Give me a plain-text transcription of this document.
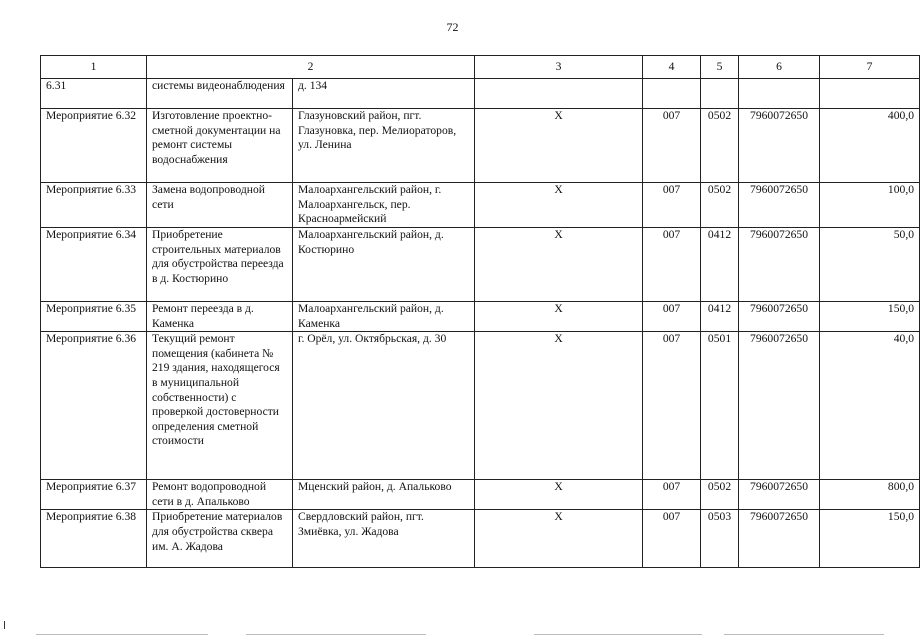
72
1	2		3	4	5	6	7
6.31	системы видеонаблюдения	д. 134					
Мероприятие 6.32	Изготовление проектно-сметной документации на ремонт системы водоснабжения	Глазуновский район, пгт. Глазуновка, пер. Мелиораторов, ул. Ленина	X	007	0502	7960072650	400,0
Мероприятие 6.33	Замена водопроводной сети	Малоархангельский район, г. Малоархангельск, пер. Красноармейский	X	007	0502	7960072650	100,0
Мероприятие 6.34	Приобретение строительных материалов для обустройства переезда в д. Костюрино	Малоархангельский район, д. Костюрино	X	007	0412	7960072650	50,0
Мероприятие 6.35	Ремонт переезда в д. Каменка	Малоархангельский район, д. Каменка	X	007	0412	7960072650	150,0
Мероприятие 6.36	Текущий ремонт помещения (кабинета № 219 здания, находящегося в муниципальной собственности) с проверкой достоверности определения сметной стоимости	г. Орёл, ул. Октябрьская, д. 30	X	007	0501	7960072650	40,0
Мероприятие 6.37	Ремонт водопроводной сети в д. Апальково	Мценский район, д. Апальково	X	007	0502	7960072650	800,0
Мероприятие 6.38	Приобретение материалов для обустройства сквера им. А. Жадова	Свердловский район, пгт. Змиёвка, ул. Жадова	X	007	0503	7960072650	150,0
